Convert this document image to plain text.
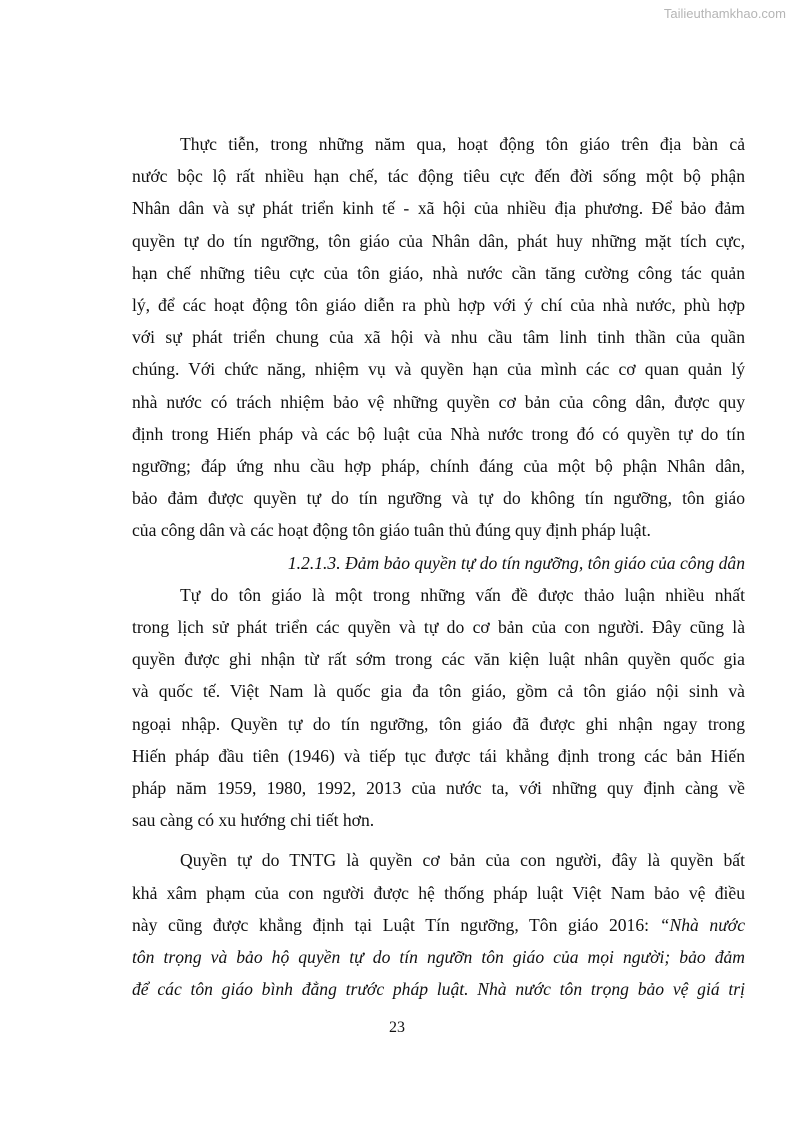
Tailieuthamkhao.com
Thực tiễn, trong những năm qua, hoạt động tôn giáo trên địa bàn cả
nước bộc lộ rất nhiều hạn chế, tác động tiêu cực đến đời sống một bộ phận
Nhân dân và sự phát triển kinh tế - xã hội của nhiều địa phương. Để bảo đảm
quyền tự do tín ngưỡng, tôn giáo của Nhân dân, phát huy những mặt tích cực,
hạn chế những tiêu cực của tôn giáo, nhà nước cần tăng cường công tác quản
lý, để các hoạt động tôn giáo diễn ra phù hợp với ý chí của nhà nước, phù hợp
với sự phát triển chung của xã hội và nhu cầu tâm linh tinh thần của quần
chúng. Với chức năng, nhiệm vụ và quyền hạn của mình các cơ quan quản lý
nhà nước có trách nhiệm bảo vệ những quyền cơ bản của công dân, được quy
định trong Hiến pháp và các bộ luật của Nhà nước trong đó có quyền tự do tín
ngưỡng; đáp ứng nhu cầu hợp pháp, chính đáng của một bộ phận Nhân dân,
bảo đảm được quyền tự do tín ngưỡng và tự do không tín ngưỡng, tôn giáo
của công dân và các hoạt động tôn giáo tuân thủ đúng quy định pháp luật.
1.2.1.3. Đảm bảo quyền tự do tín ngưỡng, tôn giáo của công dân
Tự do tôn giáo là một trong những vấn đề được thảo luận nhiều nhất
trong lịch sử phát triển các quyền và tự do cơ bản của con người. Đây cũng là
quyền được ghi nhận từ rất sớm trong các văn kiện luật nhân quyền quốc gia
và quốc tế. Việt Nam là quốc gia đa tôn giáo, gồm cả tôn giáo nội sinh và
ngoại nhập. Quyền tự do tín ngưỡng, tôn giáo đã được ghi nhận ngay trong
Hiến pháp đầu tiên (1946) và tiếp tục được tái khẳng định trong các bản Hiến
pháp năm 1959, 1980, 1992, 2013 của nước ta, với những quy định càng về
sau càng có xu hướng chi tiết hơn.
Quyền tự do TNTG là quyền cơ bản của con người, đây là quyền bất
khả xâm phạm của con người được hệ thống pháp luật Việt Nam bảo vệ điều
này cũng được khẳng định tại Luật Tín ngưỡng, Tôn giáo 2016: “Nhà nước
tôn trọng và bảo hộ quyền tự do tín ngưỡn tôn giáo của mọi người; bảo đảm
để các tôn giáo bình đẳng trước pháp luật. Nhà nước tôn trọng bảo vệ giá trị
23
